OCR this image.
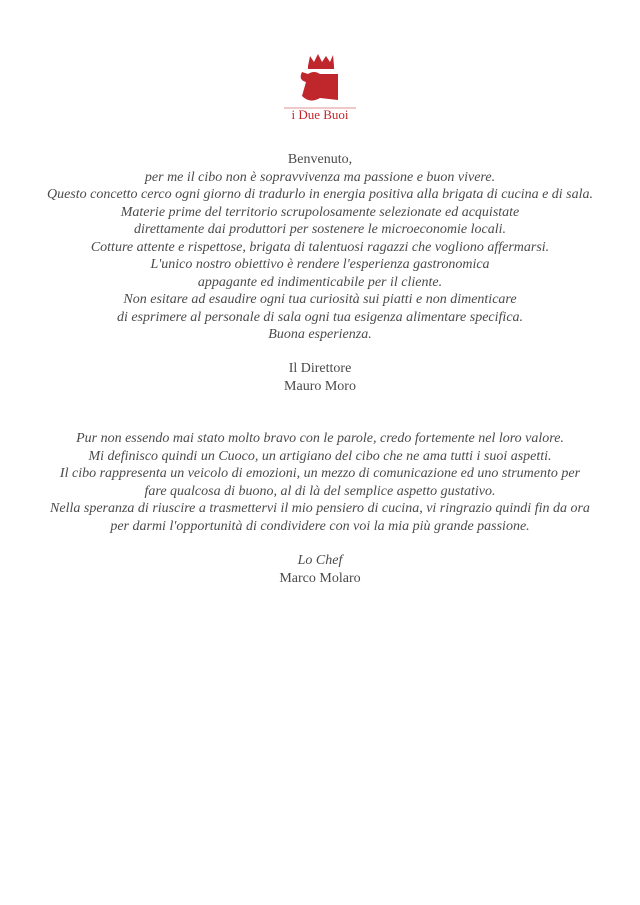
i Due Buoi
Benvenuto,
per me il cibo non è sopravvivenza ma passione e buon vivere.
Questo concetto cerco ogni giorno di tradurlo in energia positiva alla brigata di cucina e di sala.
Materie prime del territorio scrupolosamente selezionate ed acquistate
direttamente dai produttori per sostenere le microeconomie locali.
Cotture attente e rispettose, brigata di talentuosi ragazzi che vogliono affermarsi.
L'unico nostro obiettivo è rendere l'esperienza gastronomica
appagante ed indimenticabile per il cliente.
Non esitare ad esaudire ogni tua curiosità sui piatti e non dimenticare
di esprimere al personale di sala ogni tua esigenza alimentare specifica.
Buona esperienza.
Il Direttore
Mauro Moro
Pur non essendo mai stato molto bravo con le parole, credo fortemente nel loro valore.
Mi definisco quindi un Cuoco, un artigiano del cibo che ne ama tutti i suoi aspetti.
Il cibo rappresenta un veicolo di emozioni, un mezzo di comunicazione ed uno strumento per
fare qualcosa di buono, al di là del semplice aspetto gustativo.
Nella speranza di riuscire a trasmettervi il mio pensiero di cucina, vi ringrazio quindi fin da ora
per darmi l'opportunità di condividere con voi la mia più grande passione.
Lo Chef
Marco Molaro
